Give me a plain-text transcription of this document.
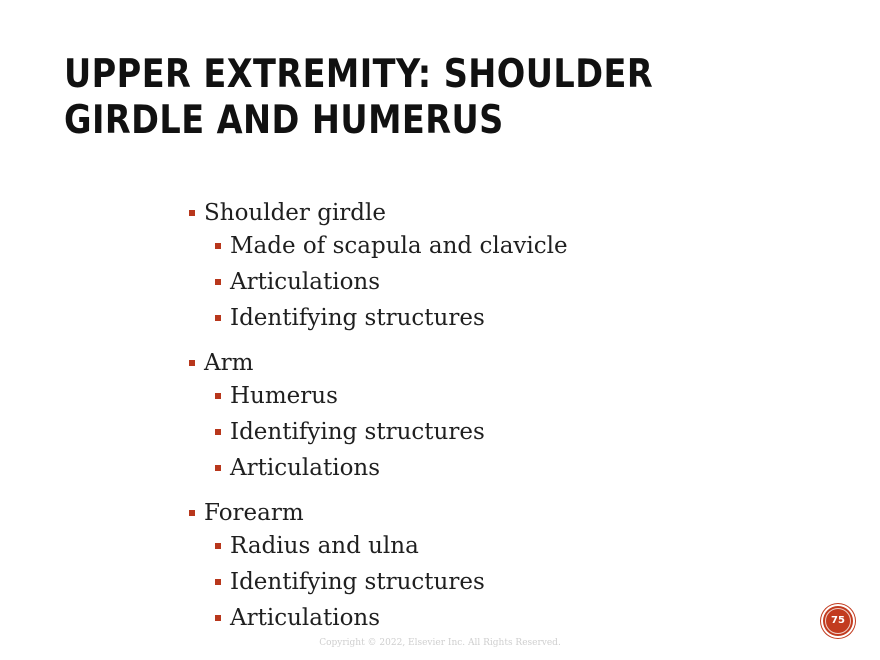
UPPER EXTREMITY: SHOULDER
GIRDLE AND HUMERUS
Shoulder girdle
Made of scapula and clavicle
Articulations
Identifying structures
Arm
Humerus
Identifying structures
Articulations
Forearm
Radius and ulna
Identifying structures
Articulations
Copyright © 2022, Elsevier Inc. All Rights Reserved.
75
